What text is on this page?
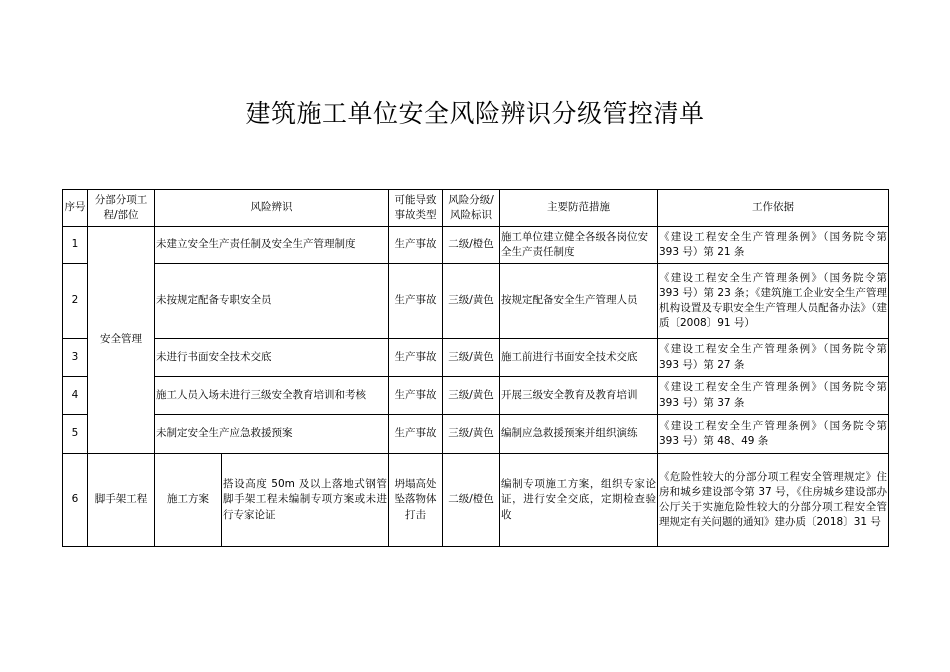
建筑施工单位安全风险辨识分级管控清单
序号	分部分项工程/部位	风险辨识		可能导致事故类型	风险分级/风险标识	主要防范措施	工作依据
1	安全管理	未建立安全生产责任制及安全生产管理制度		生产事故	二级/橙色	施工单位建立健全各级各岗位安全生产责任制度	《建设工程安全生产管理条例》（国务院令第 393 号）第 21 条
2		未按规定配备专职安全员		生产事故	三级/黄色	按规定配备安全生产管理人员	《建设工程安全生产管理条例》（国务院令第 393 号）第 23 条；《建筑施工企业安全生产管理机构设置及专职安全生产管理人员配备办法》（建质〔2008〕91 号）
3		未进行书面安全技术交底		生产事故	三级/黄色	施工前进行书面安全技术交底	《建设工程安全生产管理条例》（国务院令第 393 号）第 27 条
4		施工人员入场未进行三级安全教育培训和考核		生产事故	三级/黄色	开展三级安全教育及教育培训	《建设工程安全生产管理条例》（国务院令第 393 号）第 37 条
5		未制定安全生产应急救援预案		生产事故	三级/黄色	编制应急救援预案并组织演练	《建设工程安全生产管理条例》（国务院令第 393 号）第 48、49 条
6	脚手架工程	施工方案	搭设高度 50m 及以上落地式钢管脚手架工程未编制专项方案或未进行专家论证	坍塌高处坠落物体打击	二级/橙色	编制专项施工方案，组织专家论证，进行安全交底，定期检查验收	《危险性较大的分部分项工程安全管理规定》住房和城乡建设部令第 37 号，《住房城乡建设部办公厅关于实施危险性较大的分部分项工程安全管理规定有关问题的通知》建办质〔2018〕31 号
